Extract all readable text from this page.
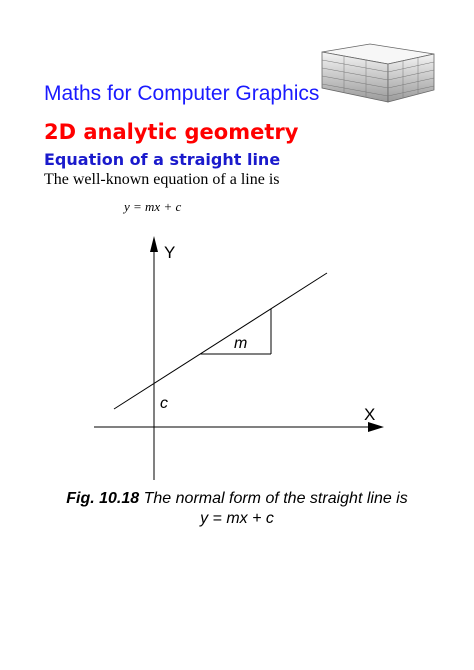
Maths for Computer Graphics
2D analytic geometry
Equation of a straight line
The well-known equation of a line is
y = mx + c
Y
X
m
c
Fig. 10.18 The normal form of the straight line is
y = mx + c
